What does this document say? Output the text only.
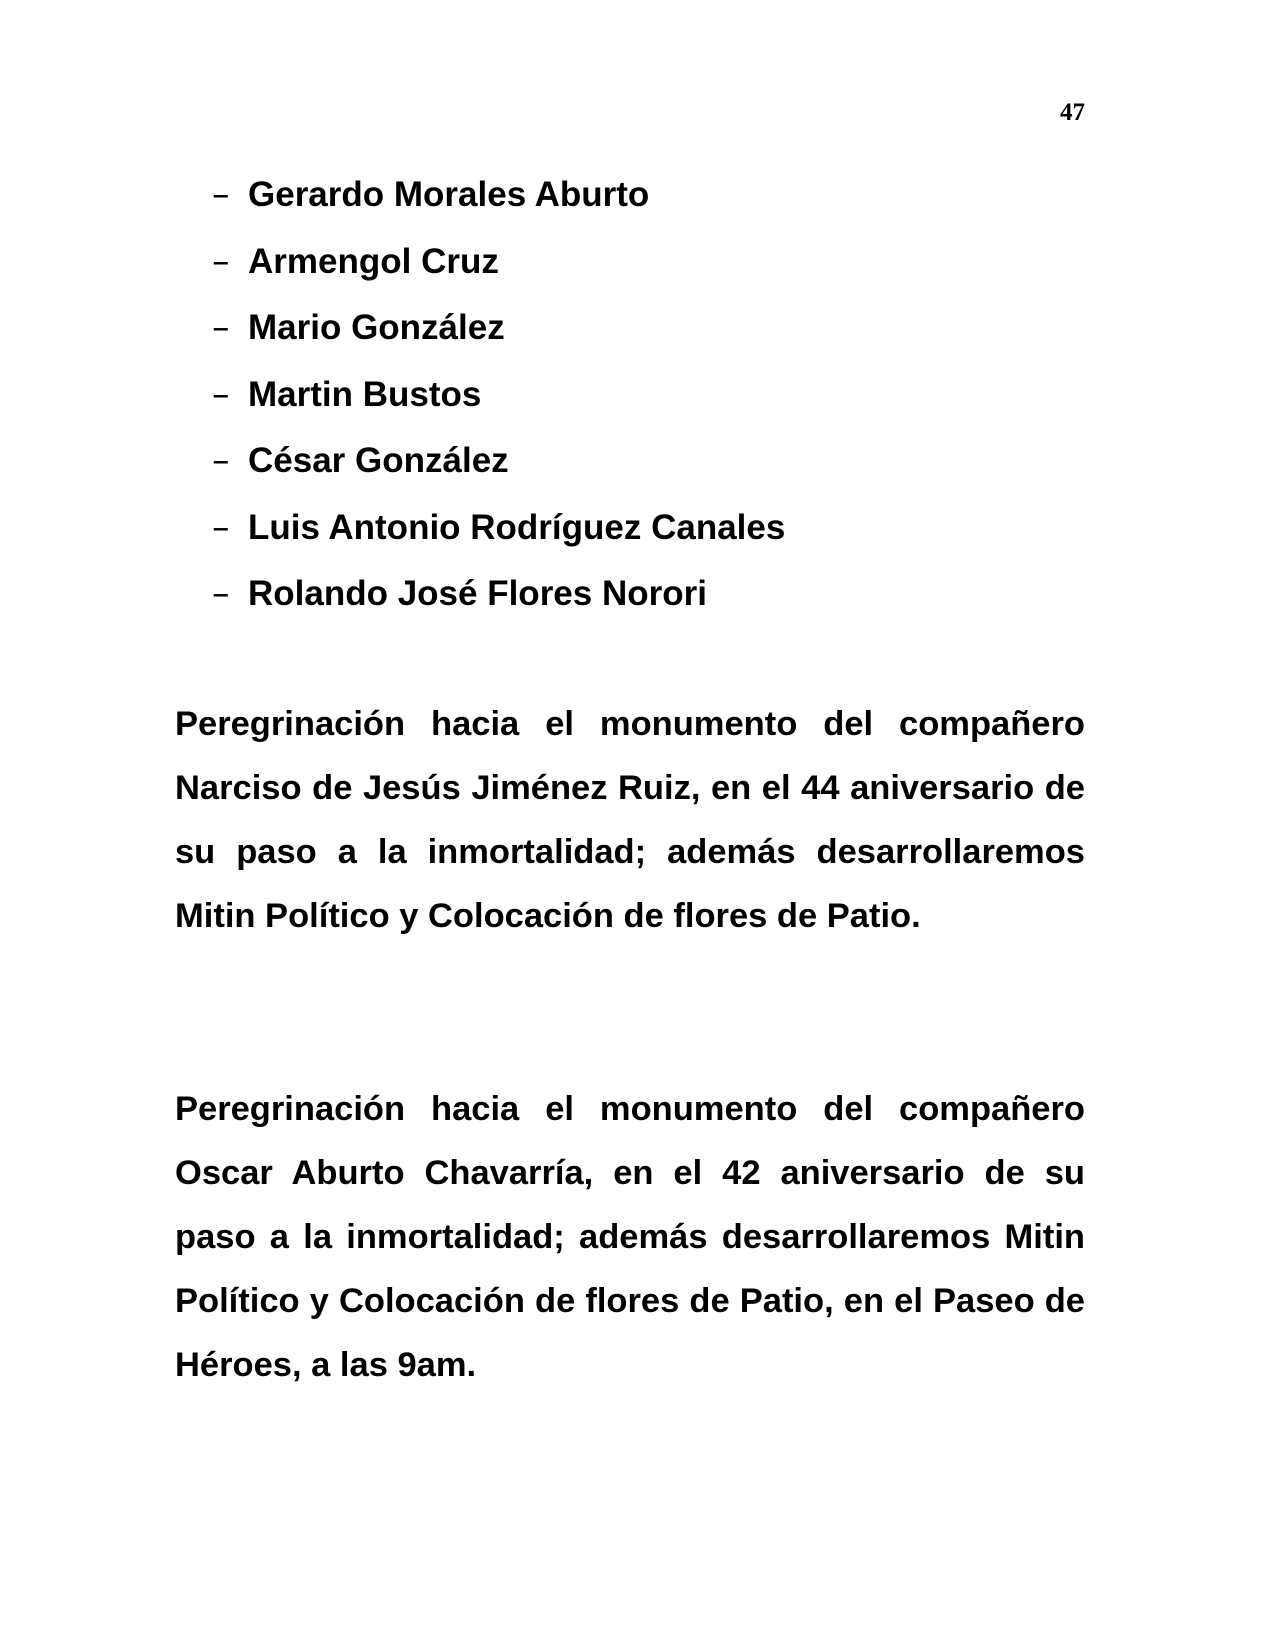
47
– Gerardo Morales Aburto
– Armengol Cruz
– Mario González
– Martin Bustos
– César González
– Luis Antonio Rodríguez Canales
– Rolando José Flores Norori

Peregrinación hacia el monumento del compañero Narciso de Jesús Jiménez Ruiz, en el 44 aniversario de su paso a la inmortalidad; además desarrollaremos Mitin Político y Colocación de flores de Patio.

Peregrinación hacia el monumento del compañero Oscar Aburto Chavarría, en el 42 aniversario de su paso a la inmortalidad; además desarrollaremos Mitin Político y Colocación de flores de Patio, en el Paseo de Héroes, a las 9am.
